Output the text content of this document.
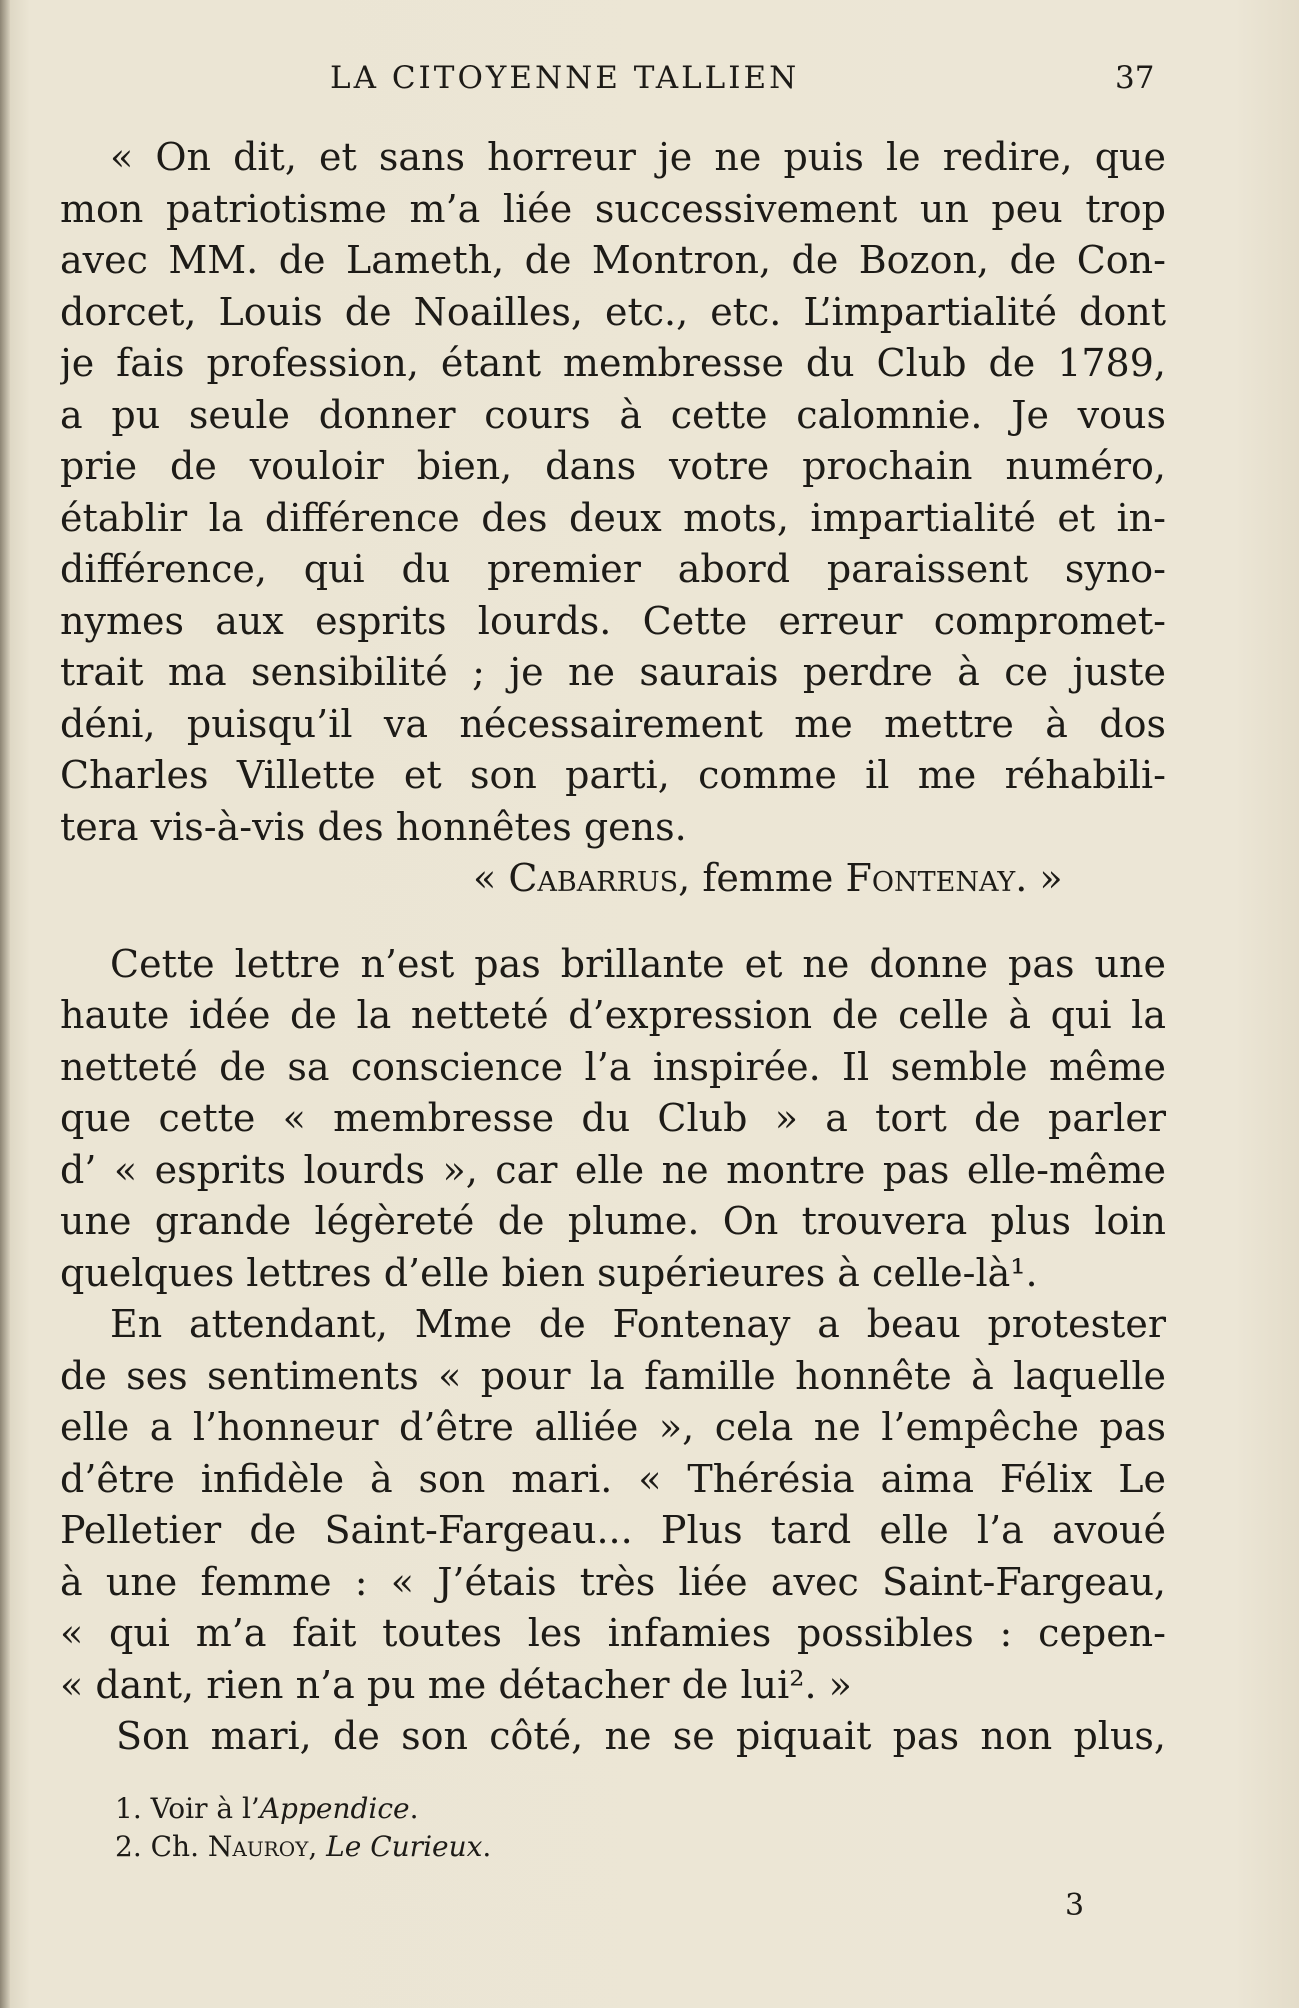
LA CITOYENNE TALLIEN	37
« On dit, et sans horreur je ne puis le redire, que
mon patriotisme m’a liée successivement un peu trop
avec MM. de Lameth, de Montron, de Bozon, de Con-
dorcet, Louis de Noailles, etc., etc. L’impartialité dont
je fais profession, étant membresse du Club de 1789,
a pu seule donner cours à cette calomnie. Je vous
prie de vouloir bien, dans votre prochain numéro,
établir la différence des deux mots, impartialité et in-
différence, qui du premier abord paraissent syno-
nymes aux esprits lourds. Cette erreur compromet-
trait ma sensibilité ; je ne saurais perdre à ce juste
déni, puisqu’il va nécessairement me mettre à dos
Charles Villette et son parti, comme il me réhabili-
tera vis-à-vis des honnêtes gens.
« Cabarrus, femme Fontenay. »
Cette lettre n’est pas brillante et ne donne pas une
haute idée de la netteté d’expression de celle à qui la
netteté de sa conscience l’a inspirée. Il semble même
que cette « membresse du Club » a tort de parler
d’ « esprits lourds », car elle ne montre pas elle-même
une grande légèreté de plume. On trouvera plus loin
quelques lettres d’elle bien supérieures à celle-là¹.
En attendant, Mme de Fontenay a beau protester
de ses sentiments « pour la famille honnête à laquelle
elle a l’honneur d’être alliée », cela ne l’empêche pas
d’être infidèle à son mari. « Thérésia aima Félix Le
Pelletier de Saint-Fargeau... Plus tard elle l’a avoué
à une femme : « J’étais très liée avec Saint-Fargeau,
« qui m’a fait toutes les infamies possibles : cepen-
« dant, rien n’a pu me détacher de lui². »
Son mari, de son côté, ne se piquait pas non plus,
1. Voir à l’Appendice.
2. Ch. Nauroy, Le Curieux.
3
